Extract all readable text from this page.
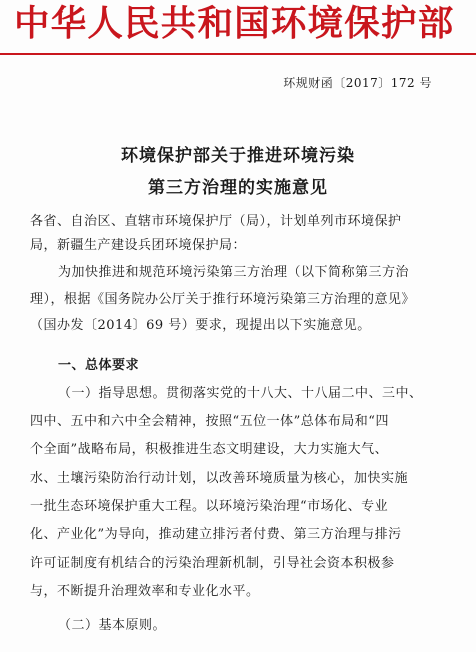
中华人民共和国环境保护部
环规财函〔2017〕172 号
环境保护部关于推进环境污染
第三方治理的实施意见
各省、自治区、直辖市环境保护厅（局），计划单列市环境保护
局，新疆生产建设兵团环境保护局：
为加快推进和规范环境污染第三方治理（以下简称第三方治
理），根据《国务院办公厅关于推行环境污染第三方治理的意见》
（国办发〔2014〕69 号）要求，现提出以下实施意见。
一、总体要求
（一）指导思想。贯彻落实党的十八大、十八届二中、三中、
四中、五中和六中全会精神，按照“五位一体”总体布局和“四
个全面”战略布局，积极推进生态文明建设，大力实施大气、
水、土壤污染防治行动计划，以改善环境质量为核心，加快实施
一批生态环境保护重大工程。以环境污染治理“市场化、专业
化、产业化”为导向，推动建立排污者付费、第三方治理与排污
许可证制度有机结合的污染治理新机制，引导社会资本积极参
与，不断提升治理效率和专业化水平。
（二）基本原则。
